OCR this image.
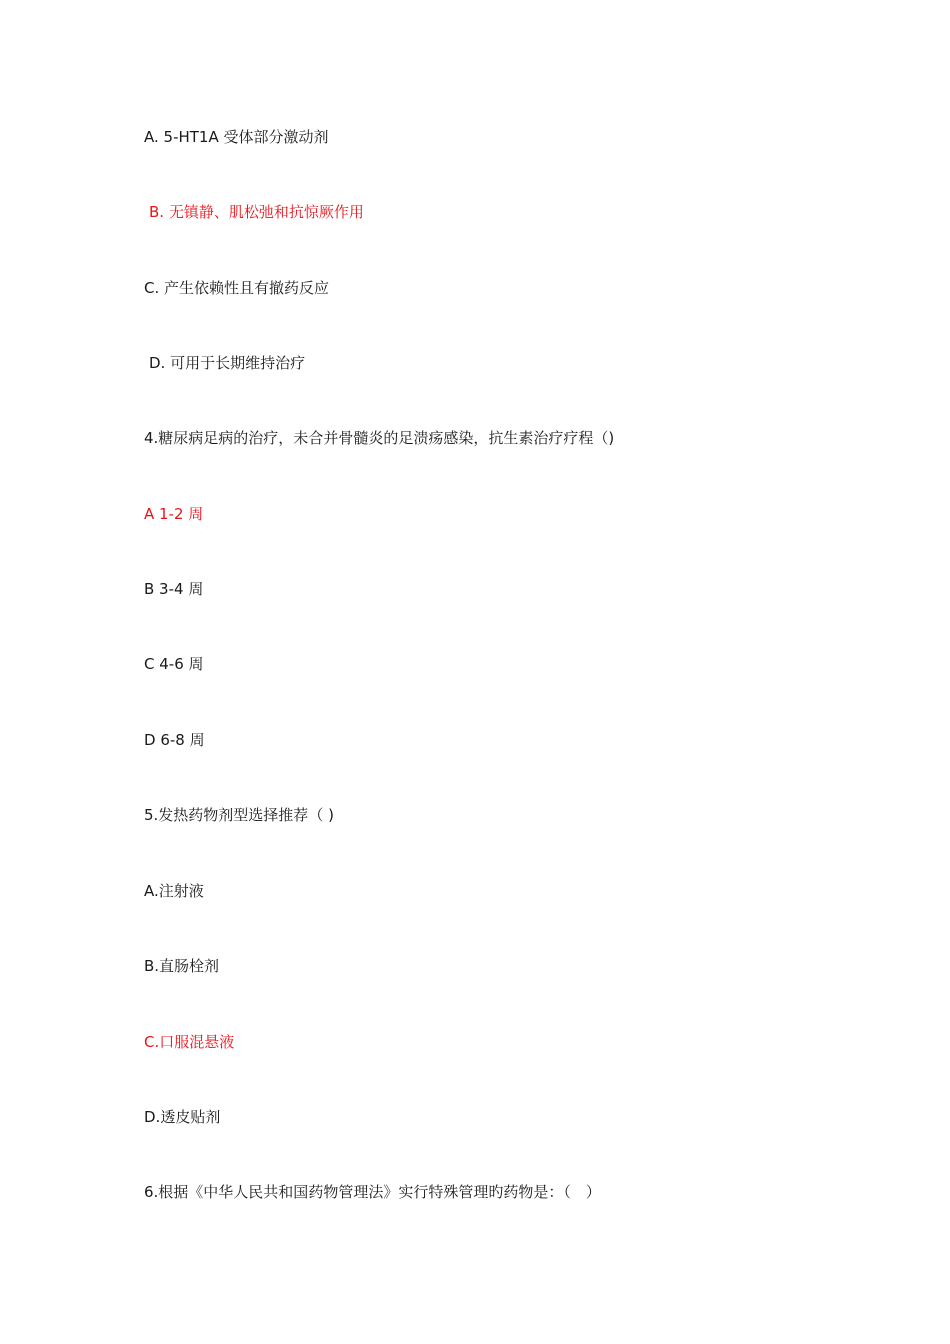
A. 5-HT1A 受体部分激动剂
B. 无镇静、肌松弛和抗惊厥作用
C. 产生依赖性且有撤药反应
D. 可用于长期维持治疗
4.糖尿病足病的治疗，未合并骨髓炎的足溃疡感染，抗生素治疗疗程（)
A 1-2 周
B 3-4 周
C 4-6 周
D 6-8 周
5.发热药物剂型选择推荐（ )
A.注射液
B.直肠栓剂
C.口服混悬液
D.透皮贴剂
6.根据《中华人民共和国药物管理法》实行特殊管理旳药物是：（　）
